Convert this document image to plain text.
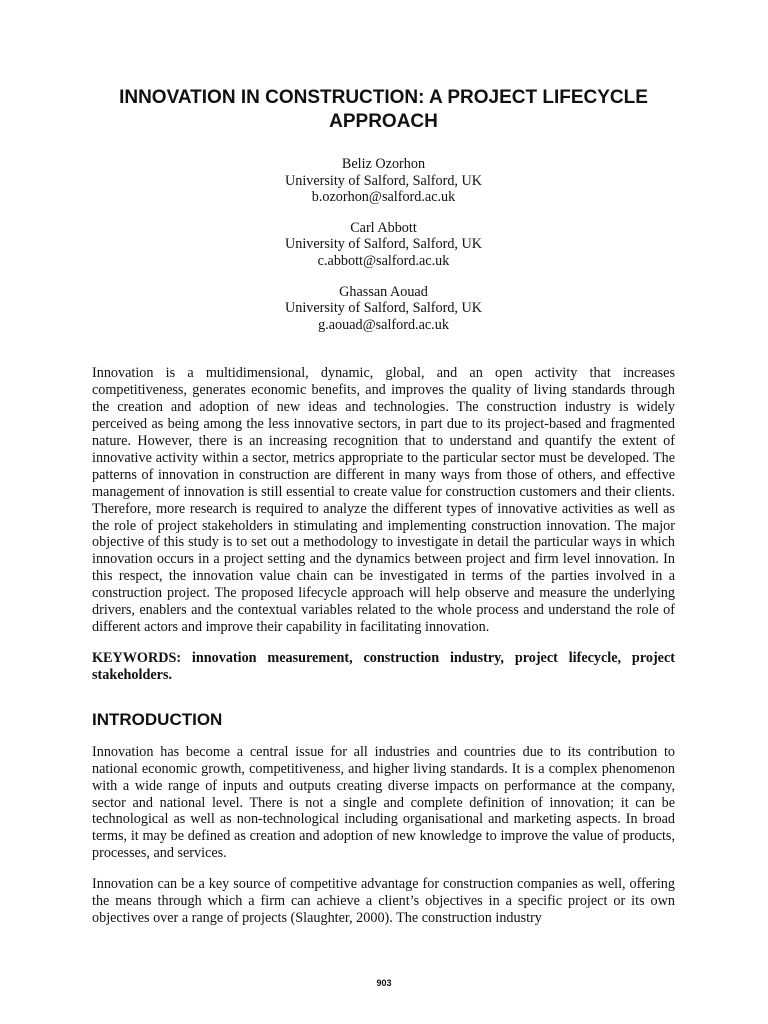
INNOVATION IN CONSTRUCTION: A PROJECT LIFECYCLE APPROACH
Beliz Ozorhon
University of Salford, Salford, UK
b.ozorhon@salford.ac.uk
Carl Abbott
University of Salford, Salford, UK
c.abbott@salford.ac.uk
Ghassan Aouad
University of Salford, Salford, UK
g.aouad@salford.ac.uk

Innovation is a multidimensional, dynamic, global, and an open activity that increases competitiveness, generates economic benefits, and improves the quality of living standards through the creation and adoption of new ideas and technologies. The construction industry is widely perceived as being among the less innovative sectors, in part due to its project-based and fragmented nature. However, there is an increasing recognition that to understand and quantify the extent of innovative activity within a sector, metrics appropriate to the particular sector must be developed. The patterns of innovation in construction are different in many ways from those of others, and effective management of innovation is still essential to create value for construction customers and their clients. Therefore, more research is required to analyze the different types of innovative activities as well as the role of project stakeholders in stimulating and implementing construction innovation. The major objective of this study is to set out a methodology to investigate in detail the particular ways in which innovation occurs in a project setting and the dynamics between project and firm level innovation. In this respect, the innovation value chain can be investigated in terms of the parties involved in a construction project. The proposed lifecycle approach will help observe and measure the underlying drivers, enablers and the contextual variables related to the whole process and understand the role of different actors and improve their capability in facilitating innovation.

KEYWORDS: innovation measurement, construction industry, project lifecycle, project stakeholders.

INTRODUCTION

Innovation has become a central issue for all industries and countries due to its contribution to national economic growth, competitiveness, and higher living standards. It is a complex phenomenon with a wide range of inputs and outputs creating diverse impacts on performance at the company, sector and national level. There is not a single and complete definition of innovation; it can be technological as well as non-technological including organisational and marketing aspects. In broad terms, it may be defined as creation and adoption of new knowledge to improve the value of products, processes, and services.

Innovation can be a key source of competitive advantage for construction companies as well, offering the means through which a firm can achieve a client’s objectives in a specific project or its own objectives over a range of projects (Slaughter, 2000). The construction industry

903
